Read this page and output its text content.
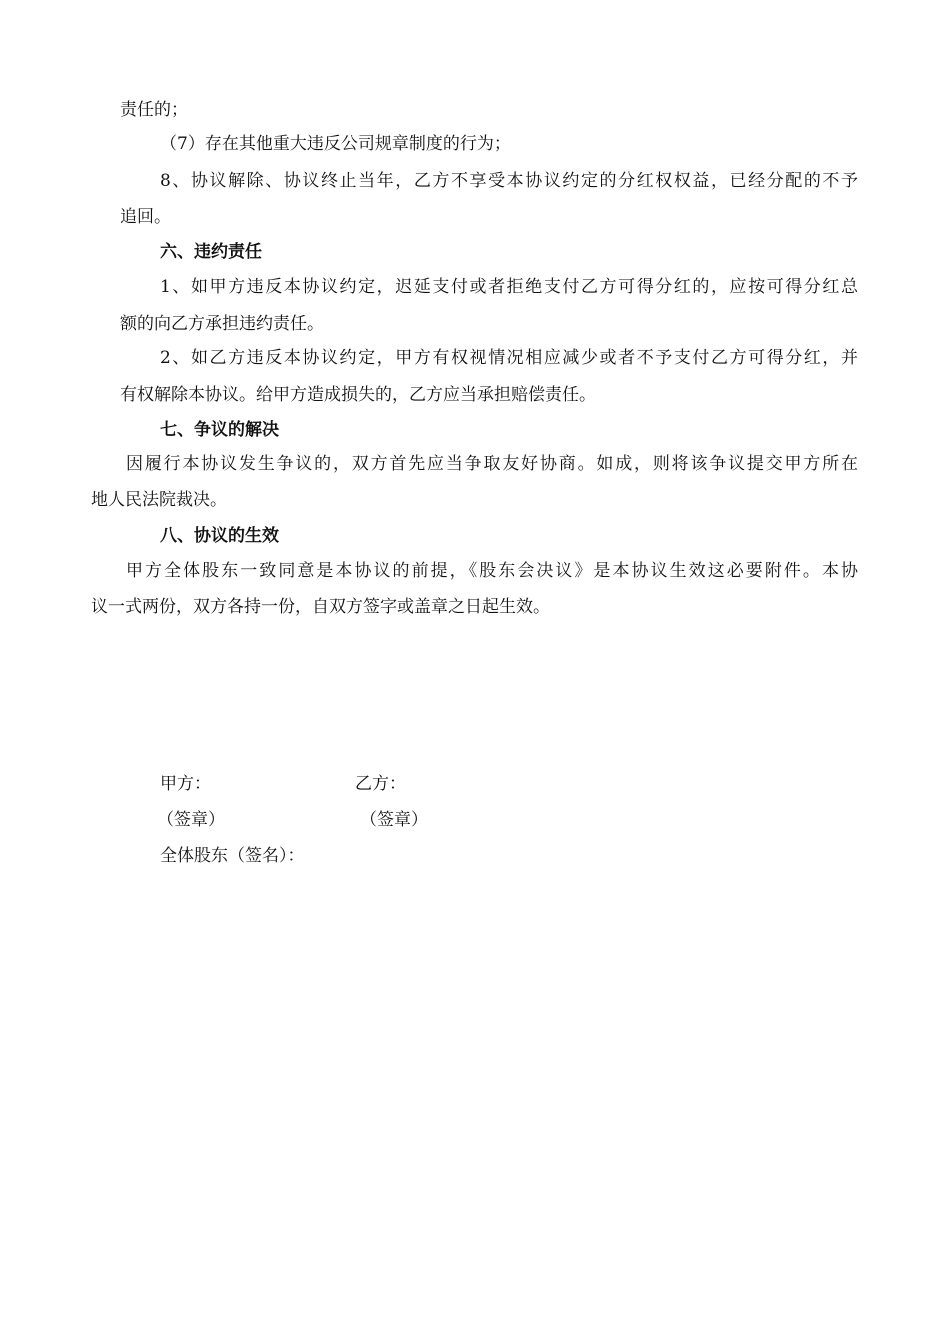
责任的；
（7）存在其他重大违反公司规章制度的行为；
8、协议解除、协议终止当年，乙方不享受本协议约定的分红权权益，已经分配的不予
追回。
六、违约责任
1、如甲方违反本协议约定，迟延支付或者拒绝支付乙方可得分红的，应按可得分红总
额的向乙方承担违约责任。
2、如乙方违反本协议约定，甲方有权视情况相应减少或者不予支付乙方可得分红，并
有权解除本协议。给甲方造成损失的，乙方应当承担赔偿责任。
七、争议的解决
因履行本协议发生争议的，双方首先应当争取友好协商。如成，则将该争议提交甲方所在
地人民法院裁决。
八、协议的生效
甲方全体股东一致同意是本协议的前提，《股东会决议》是本协议生效这必要附件。本协
议一式两份，双方各持一份，自双方签字或盖章之日起生效。
甲方：	乙方：
（签章）	（签章）
全体股东（签名）：
